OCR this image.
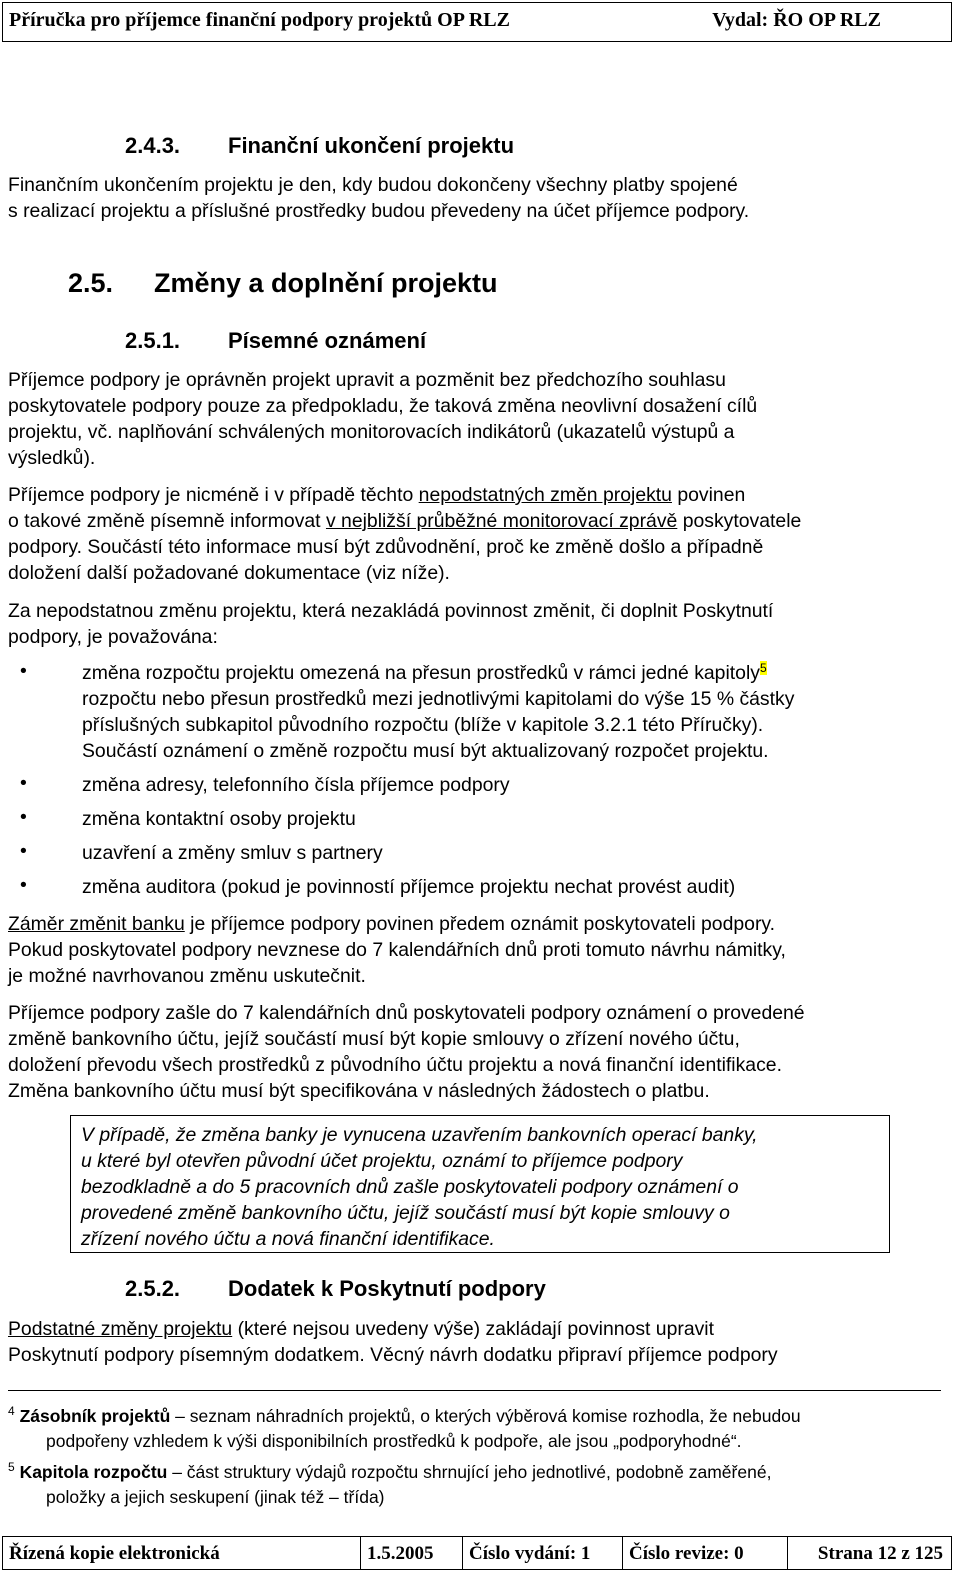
Příručka pro příjemce finanční podpory projektů OP RLZ	Vydal: ŘO OP RLZ
2.4.3. Finanční ukončení projektu
Finančním ukončením projektu je den, kdy budou dokončeny všechny platby spojené
s realizací projektu a příslušné prostředky budou převedeny na účet příjemce podpory.
2.5. Změny a doplnění projektu
2.5.1. Písemné oznámení
Příjemce podpory je oprávněn projekt upravit a pozměnit bez předchozího souhlasu
poskytovatele podpory pouze za předpokladu, že taková změna neovlivní dosažení cílů
projektu, vč. naplňování schválených monitorovacích indikátorů (ukazatelů výstupů a
výsledků).
Příjemce podpory je nicméně i v případě těchto nepodstatných změn projektu povinen
o takové změně písemně informovat v nejbližší průběžné monitorovací zprávě poskytovatele
podpory. Součástí této informace musí být zdůvodnění, proč ke změně došlo a případně
doložení další požadované dokumentace (viz níže).
Za nepodstatnou změnu projektu, která nezakládá povinnost změnit, či doplnit Poskytnutí
podpory, je považována:
•	změna rozpočtu projektu omezená na přesun prostředků v rámci jedné kapitoly$^5$
rozpočtu nebo přesun prostředků mezi jednotlivými kapitolami do výše 15 % částky
příslušných subkapitol původního rozpočtu (blíže v kapitole 3.2.1 této Příručky).
Součástí oznámení o změně rozpočtu musí být aktualizovaný rozpočet projektu.
•	změna adresy, telefonního čísla příjemce podpory
•	změna kontaktní osoby projektu
•	uzavření a změny smluv s partnery
•	změna auditora (pokud je povinností příjemce projektu nechat provést audit)
Záměr změnit banku je příjemce podpory povinen předem oznámit poskytovateli podpory.
Pokud poskytovatel podpory nevznese do 7 kalendářních dnů proti tomuto návrhu námitky,
je možné navrhovanou změnu uskutečnit.
Příjemce podpory zašle do 7 kalendářních dnů poskytovateli podpory oznámení o provedené
změně bankovního účtu, jejíž součástí musí být kopie smlouvy o zřízení nového účtu,
doložení převodu všech prostředků z původního účtu projektu a nová finanční identifikace.
Změna bankovního účtu musí být specifikována v následných žádostech o platbu.
V případě, že změna banky je vynucena uzavřením bankovních operací banky,
u které byl otevřen původní účet projektu, oznámí to příjemce podpory
bezodkladně a do 5 pracovních dnů zašle poskytovateli podpory oznámení o
provedené změně bankovního účtu, jejíž součástí musí být kopie smlouvy o
zřízení nového účtu a nová finanční identifikace.
2.5.2. Dodatek k Poskytnutí podpory
Podstatné změny projektu (které nejsou uvedeny výše) zakládají povinnost upravit
Poskytnutí podpory písemným dodatkem. Věcný návrh dodatku připraví příjemce podpory
$^4$ Zásobník projektů – seznam náhradních projektů, o kterých výběrová komise rozhodla, že nebudou
podpořeny vzhledem k výši disponibilních prostředků k podpoře, ale jsou „podporyhodné“.
$^5$ Kapitola rozpočtu – část struktury výdajů rozpočtu shrnující jeho jednotlivé, podobně zaměřené,
položky a jejich seskupení (jinak též – třída)
Řízená kopie elektronická	1.5.2005	Číslo vydání: 1	Číslo revize: 0	Strana 12 z 125
